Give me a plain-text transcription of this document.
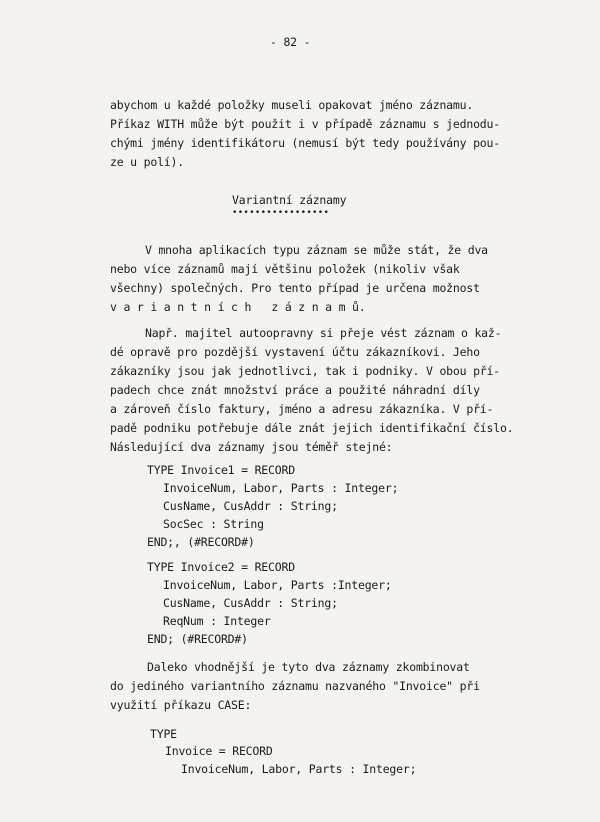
- 82 -
abychom u každé položky museli opakovat jméno záznamu.
Příkaz WITH může být použit i v případě záznamu s jednodu-
chými jmény identifikátoru (nemusí být tedy používány pou-
ze u polí).
Variantní záznamy
•••••••••••••••••
V mnoha aplikacích typu záznam se může stát, že dva
nebo více záznamů mají většinu položek (nikoliv však
všechny) společných. Pro tento případ je určena možnost
v a r i a n t n í c h   z á z n a m ů.
Např. majitel autoopravny si přeje vést záznam o kaž-
dé opravě pro pozdější vystavení účtu zákazníkovi. Jeho
zákazníky jsou jak jednotlivci, tak i podniky. V obou pří-
padech chce znát množství práce a použité náhradní díly
a zároveň číslo faktury, jméno a adresu zákazníka. V pří-
padě podniku potřebuje dále znát jejich identifikační číslo.
Následující dva záznamy jsou téměř stejné:
TYPE Invoice1 = RECORD
InvoiceNum, Labor, Parts : Integer;
CusName, CusAddr : String;
SocSec : String
END;, (#RECORD#)
TYPE Invoice2 = RECORD
InvoiceNum, Labor, Parts :Integer;
CusName, CusAddr : String;
ReqNum : Integer
END; (#RECORD#)
Daleko vhodnější je tyto dva záznamy zkombinovat
do jediného variantního záznamu nazvaného "Invoice" při
využití příkazu CASE:
TYPE
Invoice = RECORD
InvoiceNum, Labor, Parts : Integer;
